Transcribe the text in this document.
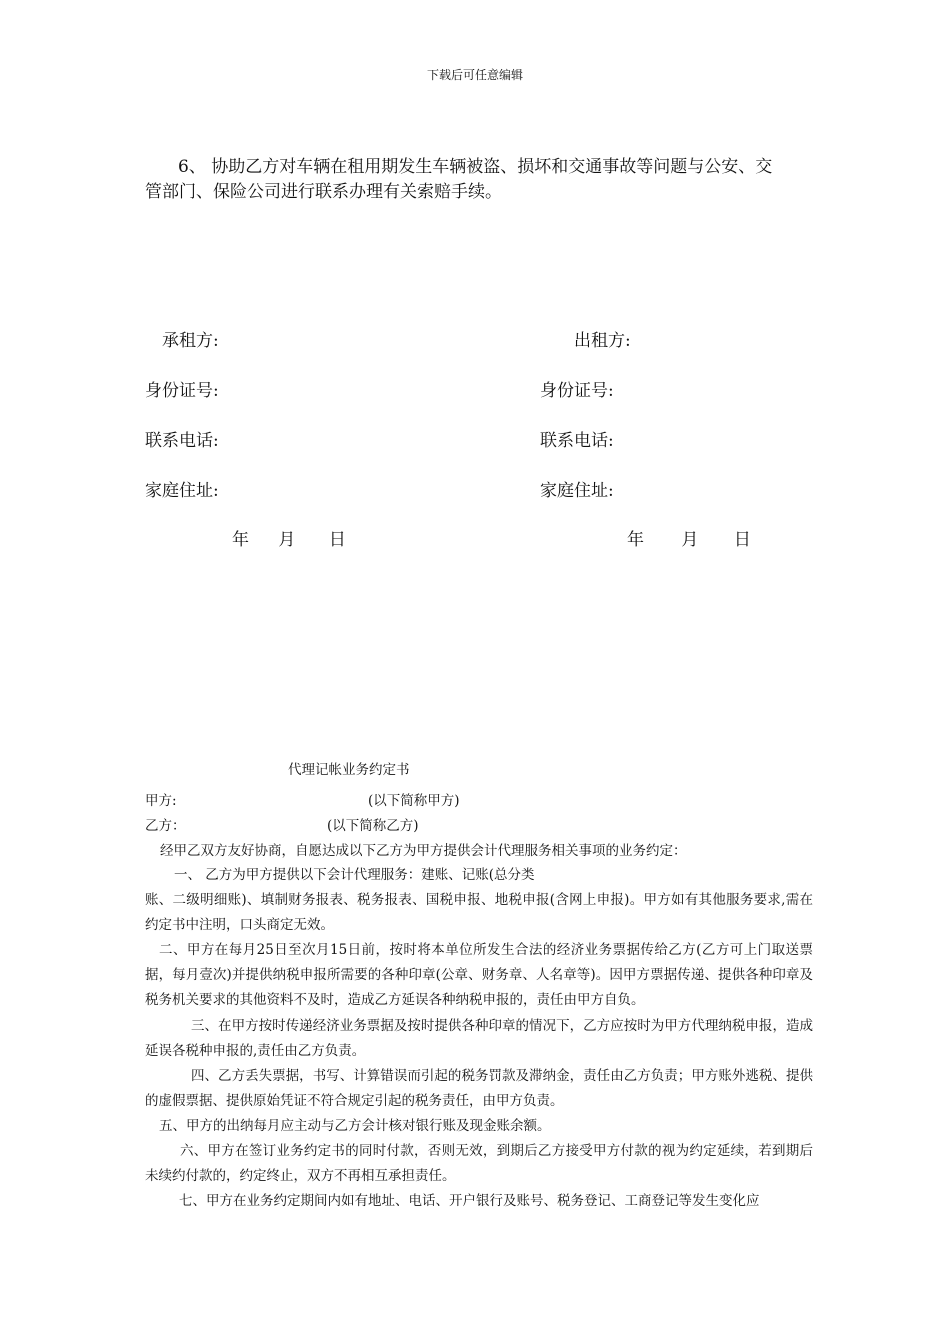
下载后可任意编辑
6、 协助乙方对车辆在租用期发生车辆被盗、损坏和交通事故等问题与公安、交
管部门、保险公司进行联系办理有关索赔手续。
承租方:
身份证号:
联系电话:
家庭住址:
年 月 日
出租方:
身份证号:
联系电话:
家庭住址:
年 月 日
代理记帐业务约定书
甲方:	(以下简称甲方)
乙方：	(以下简称乙方)
经甲乙双方友好协商，自愿达成以下乙方为甲方提供会计代理服务相关事项的业务约定：
一、 乙方为甲方提供以下会计代理服务：建账、记账(总分类
账、二级明细账)、填制财务报表、税务报表、国税申报、地税申报(含网上申报)。甲方如有其他服务要求,需在约定书中注明，口头商定无效。
二、甲方在每月25日至次月15日前，按时将本单位所发生合法的经济业务票据传给乙方(乙方可上门取送票据，每月壹次)并提供纳税申报所需要的各种印章(公章、财务章、人名章等)。因甲方票据传递、提供各种印章及税务机关要求的其他资料不及时，造成乙方延误各种纳税申报的，责任由甲方自负。
三、在甲方按时传递经济业务票据及按时提供各种印章的情况下，乙方应按时为甲方代理纳税申报，造成延误各税种申报的,责任由乙方负责。
四、乙方丢失票据，书写、计算错误而引起的税务罚款及滞纳金，责任由乙方负责；甲方账外逃税、提供的虚假票据、提供原始凭证不符合规定引起的税务责任，由甲方负责。
五、甲方的出纳每月应主动与乙方会计核对银行账及现金账余额。
六、甲方在签订业务约定书的同时付款，否则无效，到期后乙方接受甲方付款的视为约定延续，若到期后未续约付款的，约定终止，双方不再相互承担责任。
七、甲方在业务约定期间内如有地址、电话、开户银行及账号、税务登记、工商登记等发生变化应
